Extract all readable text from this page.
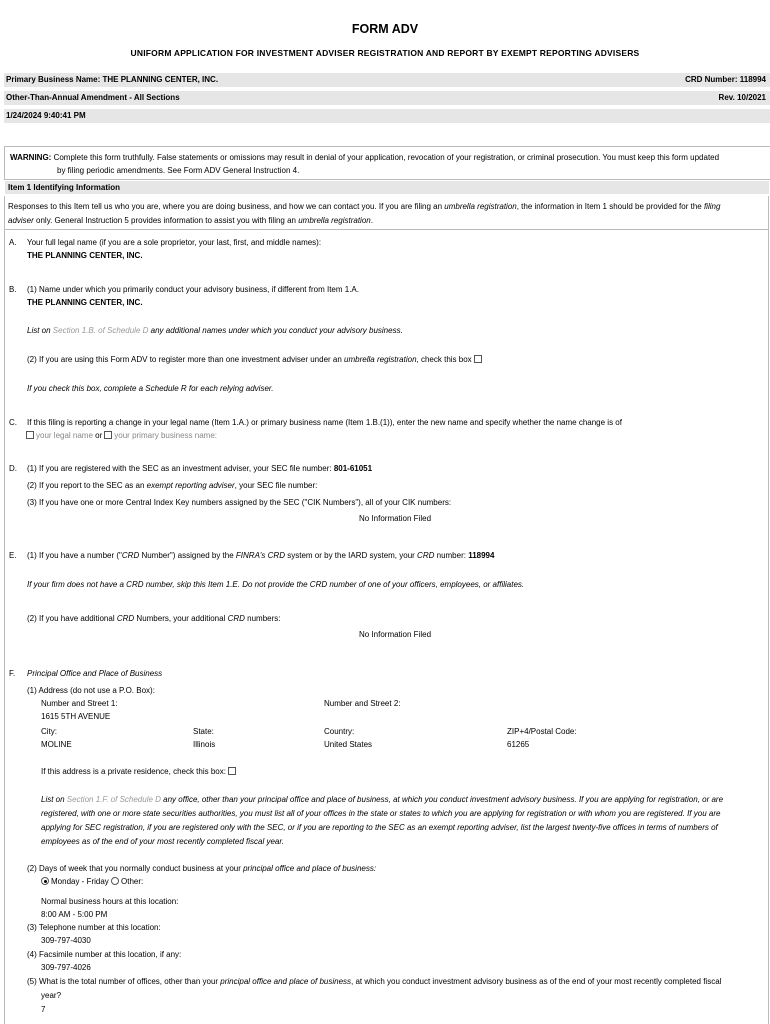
FORM ADV
UNIFORM APPLICATION FOR INVESTMENT ADVISER REGISTRATION AND REPORT BY EXEMPT REPORTING ADVISERS
Primary Business Name: THE PLANNING CENTER, INC.	CRD Number: 118994
Other-Than-Annual Amendment - All Sections	Rev. 10/2021
1/24/2024 9:40:41 PM
WARNING: Complete this form truthfully. False statements or omissions may result in denial of your application, revocation of your registration, or criminal prosecution. You must keep this form updated
by filing periodic amendments. See Form ADV General Instruction 4.
Item 1 Identifying Information
Responses to this Item tell us who you are, where you are doing business, and how we can contact you. If you are filing an umbrella registration, the information in Item 1 should be provided for the filing
adviser only. General Instruction 5 provides information to assist you with filing an umbrella registration.
A. Your full legal name (if you are a sole proprietor, your last, first, and middle names):
THE PLANNING CENTER, INC.
B. (1) Name under which you primarily conduct your advisory business, if different from Item 1.A.
THE PLANNING CENTER, INC.
List on Section 1.B. of Schedule D any additional names under which you conduct your advisory business.
(2) If you are using this Form ADV to register more than one investment adviser under an umbrella registration, check this box
If you check this box, complete a Schedule R for each relying adviser.
C. If this filing is reporting a change in your legal name (Item 1.A.) or primary business name (Item 1.B.(1)), enter the new name and specify whether the name change is of
your legal name or your primary business name:
D. (1) If you are registered with the SEC as an investment adviser, your SEC file number: 801-61051
(2) If you report to the SEC as an exempt reporting adviser, your SEC file number:
(3) If you have one or more Central Index Key numbers assigned by the SEC ("CIK Numbers"), all of your CIK numbers:
No Information Filed
E. (1) If you have a number ("CRD Number") assigned by the FINRA's CRD system or by the IARD system, your CRD number: 118994
If your firm does not have a CRD number, skip this Item 1.E. Do not provide the CRD number of one of your officers, employees, or affiliates.
(2) If you have additional CRD Numbers, your additional CRD numbers:
No Information Filed
F. Principal Office and Place of Business
(1) Address (do not use a P.O. Box):
Number and Street 1:	Number and Street 2:
1615 5TH AVENUE
City:	State:	Country:	ZIP+4/Postal Code:
MOLINE	Illinois	United States	61265
If this address is a private residence, check this box:
List on Section 1.F. of Schedule D any office, other than your principal office and place of business, at which you conduct investment advisory business. If you are applying for registration, or are
registered, with one or more state securities authorities, you must list all of your offices in the state or states to which you are applying for registration or with whom you are registered. If you are
applying for SEC registration, if you are registered only with the SEC, or if you are reporting to the SEC as an exempt reporting adviser, list the largest twenty-five offices in terms of numbers of
employees as of the end of your most recently completed fiscal year.
(2) Days of week that you normally conduct business at your principal office and place of business:
Monday - Friday Other:
Normal business hours at this location:
8:00 AM - 5:00 PM
(3) Telephone number at this location:
309-797-4030
(4) Facsimile number at this location, if any:
309-797-4026
(5) What is the total number of offices, other than your principal office and place of business, at which you conduct investment advisory business as of the end of your most recently completed fiscal
year?
7
